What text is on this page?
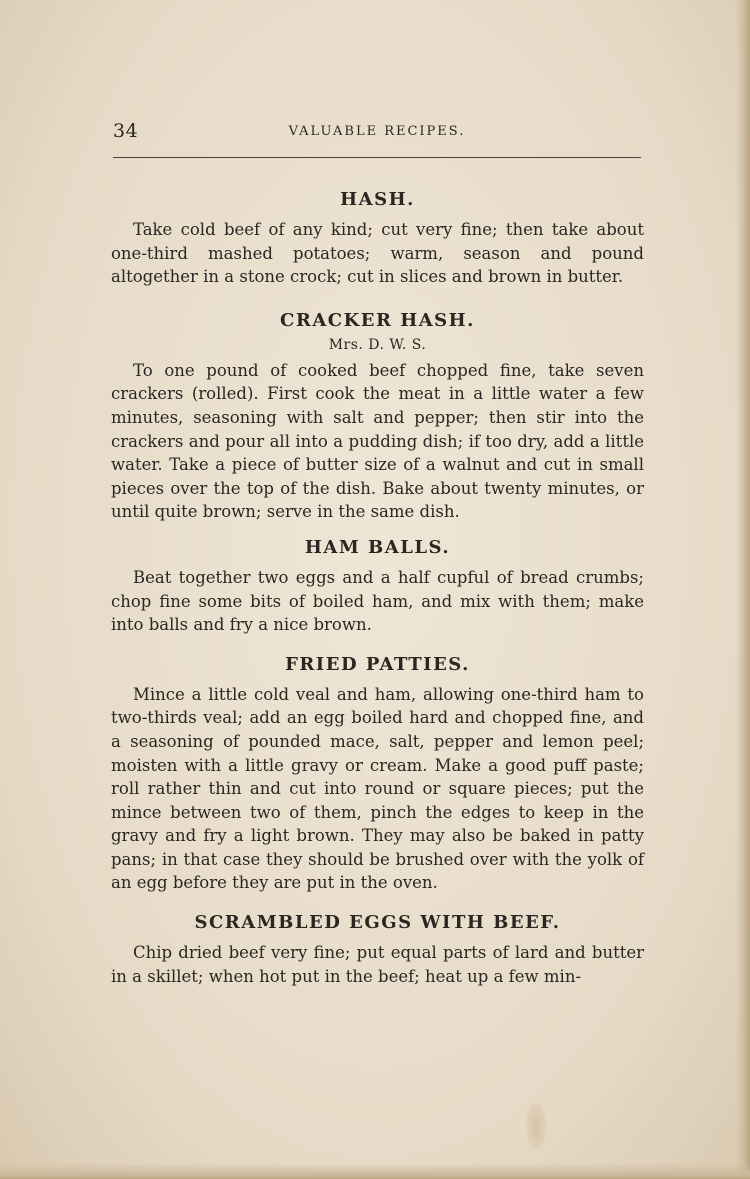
34	VALUABLE RECIPES.
HASH.

Take cold beef of any kind; cut very fine; then take about one-third mashed potatoes; warm, season and pound altogether in a stone crock; cut in slices and brown in butter.

CRACKER HASH.
Mrs. D. W. S.

To one pound of cooked beef chopped fine, take seven crackers (rolled). First cook the meat in a little water a few minutes, seasoning with salt and pepper; then stir into the crackers and pour all into a pudding dish; if too dry, add a little water. Take a piece of butter size of a walnut and cut in small pieces over the top of the dish. Bake about twenty minutes, or until quite brown; serve in the same dish.

HAM BALLS.

Beat together two eggs and a half cupful of bread crumbs; chop fine some bits of boiled ham, and mix with them; make into balls and fry a nice brown.

FRIED PATTIES.

Mince a little cold veal and ham, allowing one-third ham to two-thirds veal; add an egg boiled hard and chopped fine, and a seasoning of pounded mace, salt, pepper and lemon peel; moisten with a little gravy or cream. Make a good puff paste; roll rather thin and cut into round or square pieces; put the mince between two of them, pinch the edges to keep in the gravy and fry a light brown. They may also be baked in patty pans; in that case they should be brushed over with the yolk of an egg before they are put in the oven.

SCRAMBLED EGGS WITH BEEF.

Chip dried beef very fine; put equal parts of lard and butter in a skillet; when hot put in the beef; heat up a few min-
